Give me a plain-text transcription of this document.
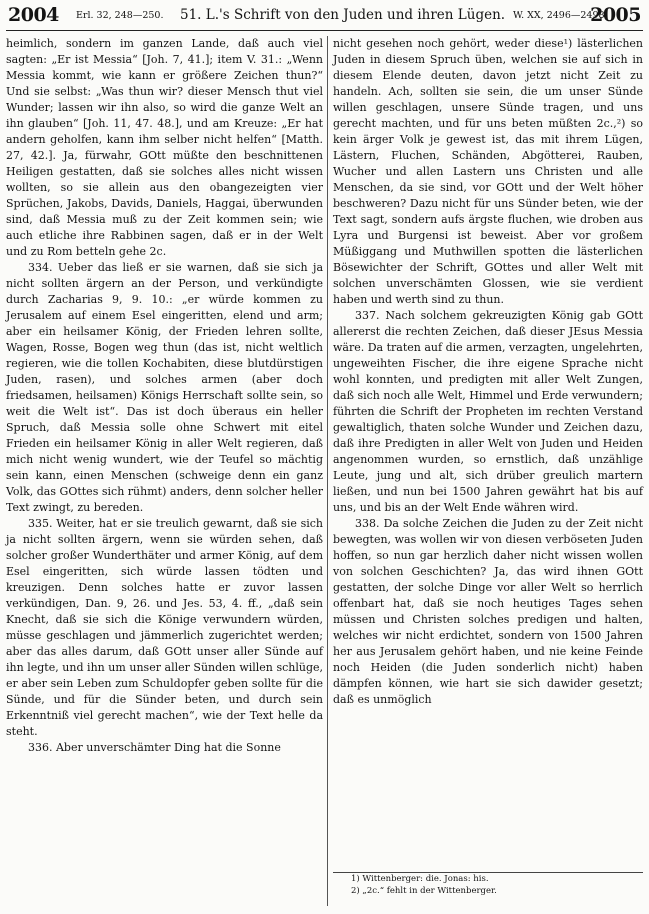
2004 Erl. 32, 248—250. 51. L.'s Schrift von den Juden und ihren Lügen. W. XX, 2496—2498.
2005

heimlich, sondern im ganzen Lande, daß auch viel sagten: „Er ist Messia“ [Joh. 7, 41.]; item V. 31.: „Wenn Messia kommt, wie kann er größere Zeichen thun?“ Und sie selbst: „Was thun wir? dieser Mensch thut viel Wunder; lassen wir ihn also, so wird die ganze Welt an ihn glauben“ [Joh. 11, 47. 48.], und am Kreuze: „Er hat andern geholfen, kann ihm selber nicht helfen“ [Matth. 27, 42.]. Ja, fürwahr, GOtt müßte den beschnittenen Heiligen gestatten, daß sie solches alles nicht wissen wollten, so sie allein aus den obangezeigten vier Sprüchen, Jakobs, Davids, Daniels, Haggai, überwunden sind, daß Messia muß zu der Zeit kommen sein; wie auch etliche ihre Rabbinen sagen, daß er in der Welt und zu Rom betteln gehe 2c.

334. Ueber das ließ er sie warnen, daß sie sich ja nicht sollten ärgern an der Person, und verkündigte durch Zacharias 9, 9. 10.: „er würde kommen zu Jerusalem auf einem Esel eingeritten, elend und arm; aber ein heilsamer König, der Frieden lehren sollte, Wagen, Rosse, Bogen weg thun (das ist, nicht weltlich regieren, wie die tollen Kochabiten, diese blutdürstigen Juden, rasen), und solches armen (aber doch friedsamen, heilsamen) Königs Herrschaft sollte sein, so weit die Welt ist“. Das ist doch überaus ein heller Spruch, daß Messia solle ohne Schwert mit eitel Frieden ein heilsamer König in aller Welt regieren, daß mich nicht wenig wundert, wie der Teufel so mächtig sein kann, einen Menschen (schweige denn ein ganz Volk, das GOttes sich rühmt) anders, denn solcher heller Text zwingt, zu bereden.

335. Weiter, hat er sie treulich gewarnt, daß sie sich ja nicht sollten ärgern, wenn sie würden sehen, daß solcher großer Wunderthäter und armer König, auf dem Esel eingeritten, sich würde lassen tödten und kreuzigen. Denn solches hatte er zuvor lassen verkündigen, Dan. 9, 26. und Jes. 53, 4. ff., „daß sein Knecht, daß sie sich die Könige verwundern würden, müsse geschlagen und jämmerlich zugerichtet werden; aber das alles darum, daß GOtt unser aller Sünde auf ihn legte, und ihn um unser aller Sünden willen schlüge, er aber sein Leben zum Schuldopfer geben sollte für die Sünde, und für die Sünder beten, und durch sein Erkenntniß viel gerecht machen“, wie der Text helle da steht.

336. Aber unverschämter Ding hat die Sonne

nicht gesehen noch gehört, weder diese¹) lästerlichen Juden in diesem Spruch üben, welchen sie auf sich in diesem Elende deuten, davon jetzt nicht Zeit zu handeln. Ach, sollten sie sein, die um unser Sünde willen geschlagen, unsere Sünde tragen, und uns gerecht machten, und für uns beten müßten 2c.,²) so kein ärger Volk je gewest ist, das mit ihrem Lügen, Lästern, Fluchen, Schänden, Abgötterei, Rauben, Wucher und allen Lastern uns Christen und alle Menschen, da sie sind, vor GOtt und der Welt höher beschweren? Dazu nicht für uns Sünder beten, wie der Text sagt, sondern aufs ärgste fluchen, wie droben aus Lyra und Burgensi ist beweist. Aber vor großem Müßiggang und Muthwillen spotten die lästerlichen Bösewichter der Schrift, GOttes und aller Welt mit solchen unverschämten Glossen, wie sie verdient haben und werth sind zu thun.

337. Nach solchem gekreuzigten König gab GOtt allererst die rechten Zeichen, daß dieser JEsus Messia wäre. Da traten auf die armen, verzagten, ungelehrten, ungeweihten Fischer, die ihre eigene Sprache nicht wohl konnten, und predigten mit aller Welt Zungen, daß sich noch alle Welt, Himmel und Erde verwundern; führten die Schrift der Propheten im rechten Verstand gewaltiglich, thaten solche Wunder und Zeichen dazu, daß ihre Predigten in aller Welt von Juden und Heiden angenommen wurden, so ernstlich, daß unzählige Leute, jung und alt, sich drüber greulich martern ließen, und nun bei 1500 Jahren gewährt hat bis auf uns, und bis an der Welt Ende währen wird.

338. Da solche Zeichen die Juden zu der Zeit nicht bewegten, was wollen wir von diesen verböseten Juden hoffen, so nun gar herzlich daher nicht wissen wollen von solchen Geschichten? Ja, das wird ihnen GOtt gestatten, der solche Dinge vor aller Welt so herrlich offenbart hat, daß sie noch heutiges Tages sehen müssen und Christen solches predigen und halten, welches wir nicht erdichtet, sondern von 1500 Jahren her aus Jerusalem gehört haben, und nie keine Feinde noch Heiden (die Juden sonderlich nicht) haben dämpfen können, wie hart sie sich dawider gesetzt; daß es unmöglich

1) Wittenberger: die. Jonas: his.

2) „2c.“ fehlt in der Wittenberger.
